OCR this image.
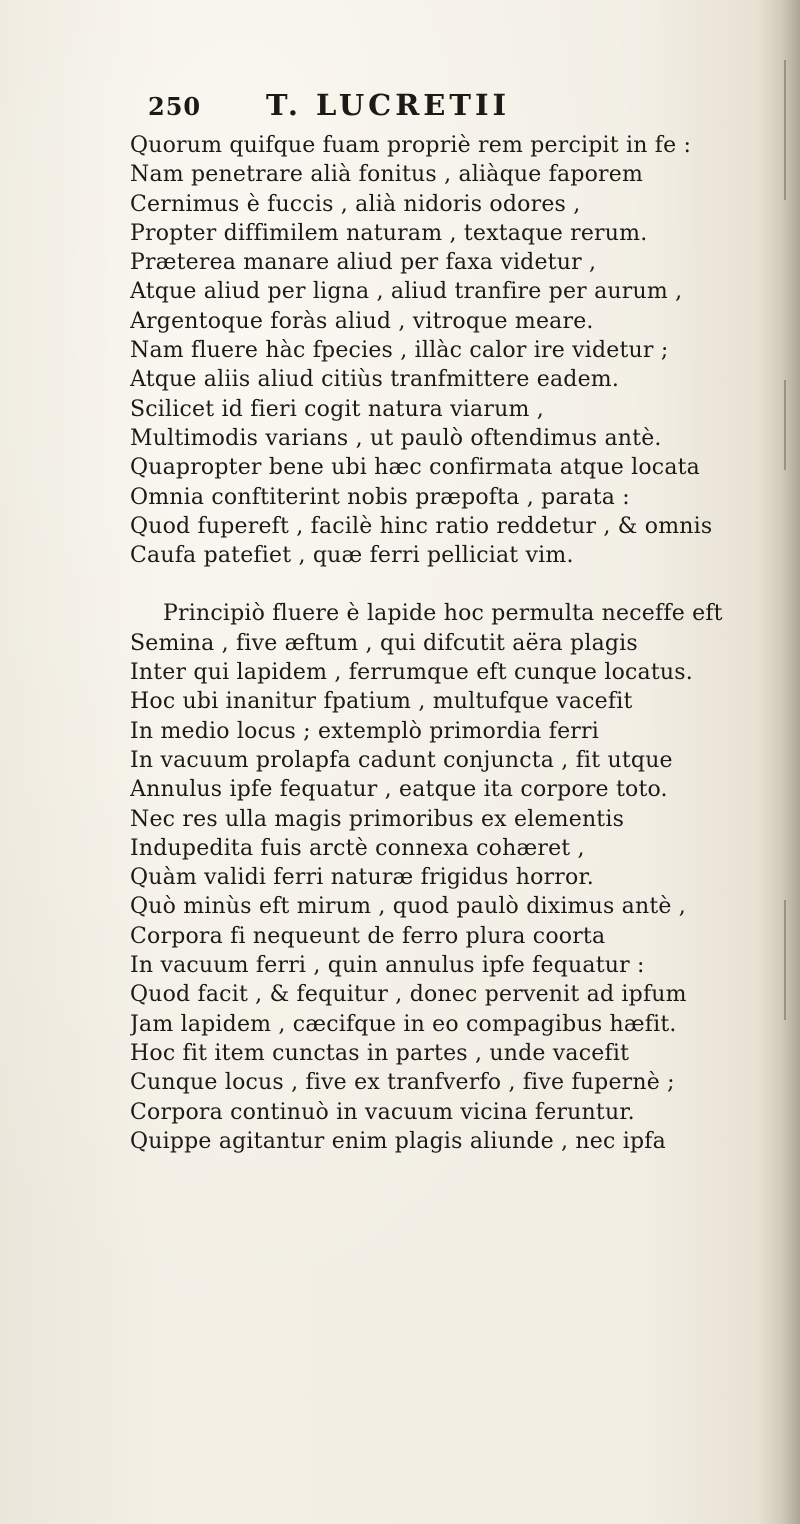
250 T. LUCRETII
Quorum quifque fuam propriè rem percipit in fe :
Nam penetrare alià fonitus , aliàque faporem
Cernimus è fuccis , alià nidoris odores ,
Propter diffimilem naturam , textaque rerum.
Præterea manare aliud per faxa videtur ,
Atque aliud per ligna , aliud tranfire per aurum ,
Argentoque foràs aliud , vitroque meare.
Nam fluere hàc fpecies , illàc calor ire videtur ;
Atque aliis aliud citiùs tranfmittere eadem.
Scilicet id fieri cogit natura viarum ,
Multimodis varians , ut paulò oftendimus antè.
Quapropter bene ubi hæc confirmata atque locata
Omnia conftiterint nobis præpofta , parata :
Quod fupereft , facilè hinc ratio reddetur , & omnis
Caufa patefiet , quæ ferri pelliciat vim.
Principiò fluere è lapide hoc permulta neceffe eft
Semina , five æftum , qui difcutit aëra plagis
Inter qui lapidem , ferrumque eft cunque locatus.
Hoc ubi inanitur fpatium , multufque vacefit
In medio locus ; extemplò primordia ferri
In vacuum prolapfa cadunt conjuncta , fit utque
Annulus ipfe fequatur , eatque ita corpore toto.
Nec res ulla magis primoribus ex elementis
Indupedita fuis arctè connexa cohæret ,
Quàm validi ferri naturæ frigidus horror.
Quò minùs eft mirum , quod paulò diximus antè ,
Corpora fi nequeunt de ferro plura coorta
In vacuum ferri , quin annulus ipfe fequatur :
Quod facit , & fequitur , donec pervenit ad ipfum
Jam lapidem , cæcifque in eo compagibus hæfit.
Hoc fit item cunctas in partes , unde vacefit
Cunque locus , five ex tranfverfo , five fupernè ;
Corpora continuò in vacuum vicina feruntur.
Quippe agitantur enim plagis aliunde , nec ipfa
